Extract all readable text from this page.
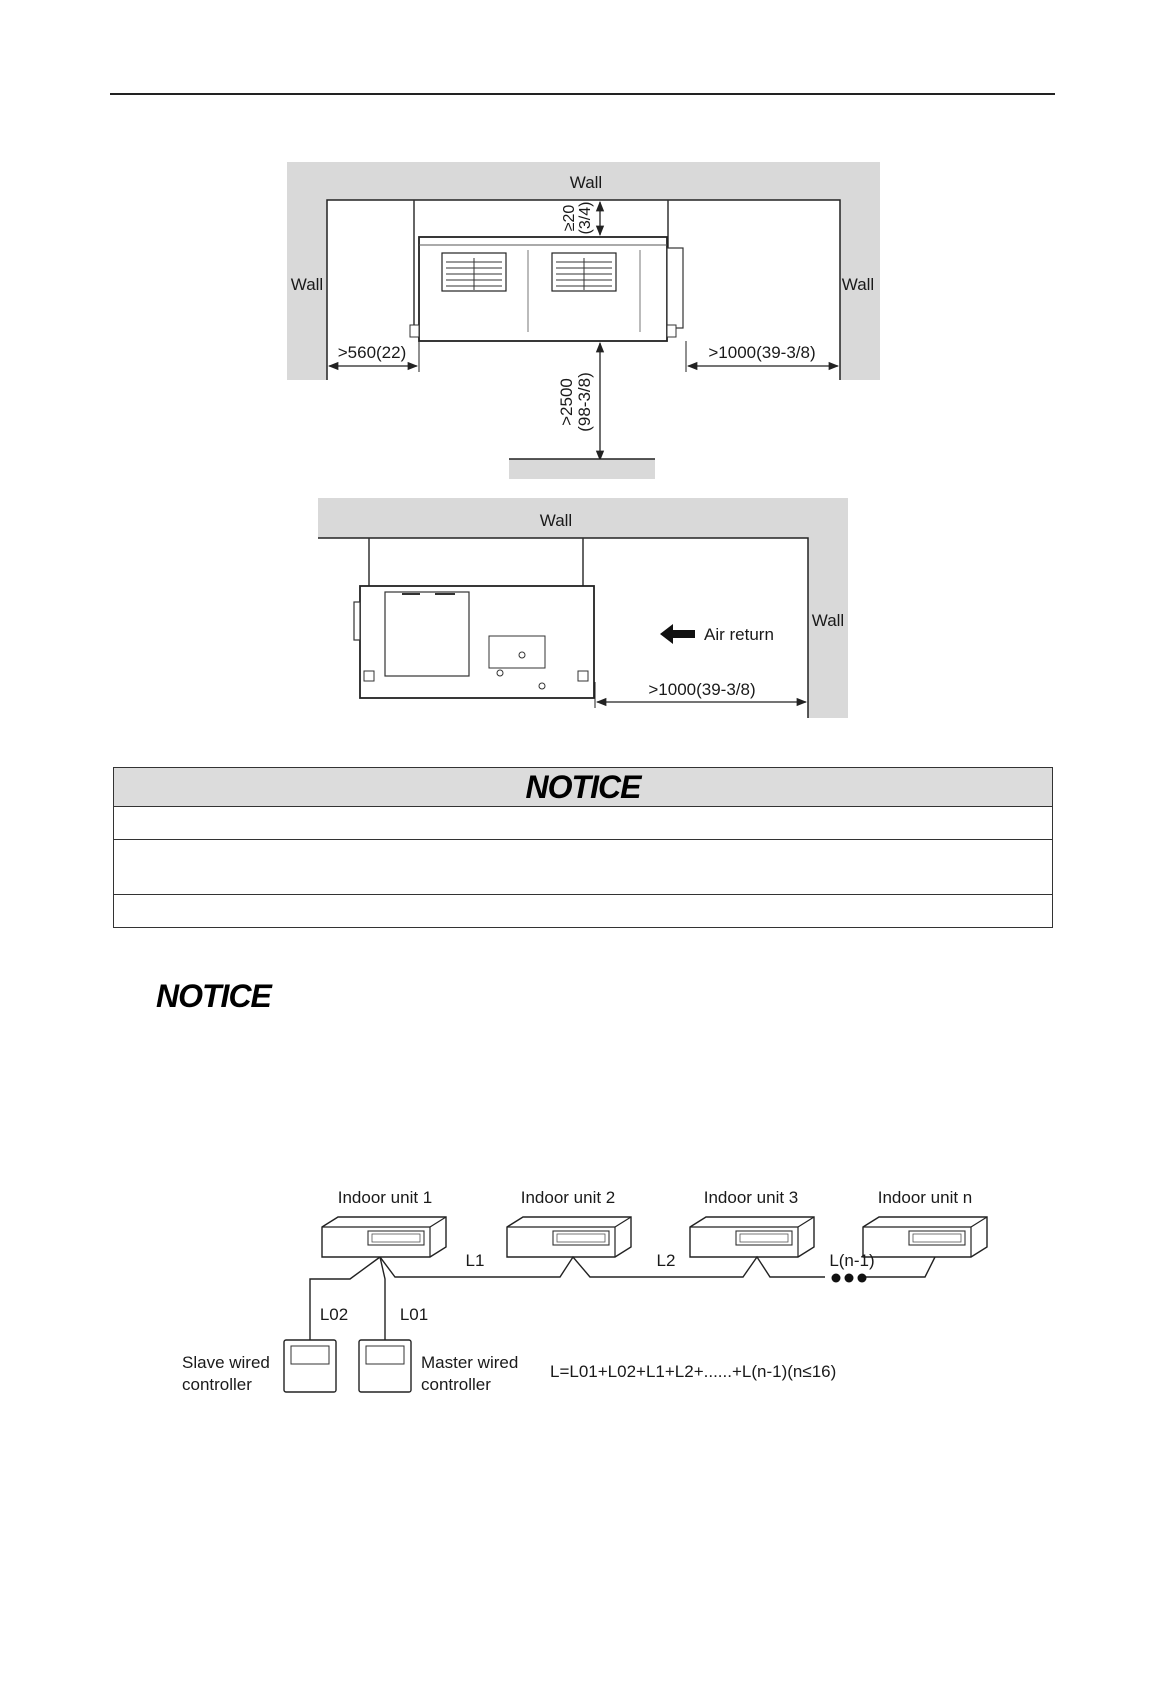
Wall
Wall	Wall
≥20 (3/4)
>560(22)	>1000(39-3/8)
>2500 (98-3/8)
Wall
Wall
Air return
>1000(39-3/8)
NOTICE
NOTICE
Indoor unit 1	Indoor unit 2	Indoor unit 3	Indoor unit n
L1	L2	L(n-1)
L02	L01
Slave wired
controller
Master wired
controller
L=L01+L02+L1+L2+......+L(n-1)(n≤16)
